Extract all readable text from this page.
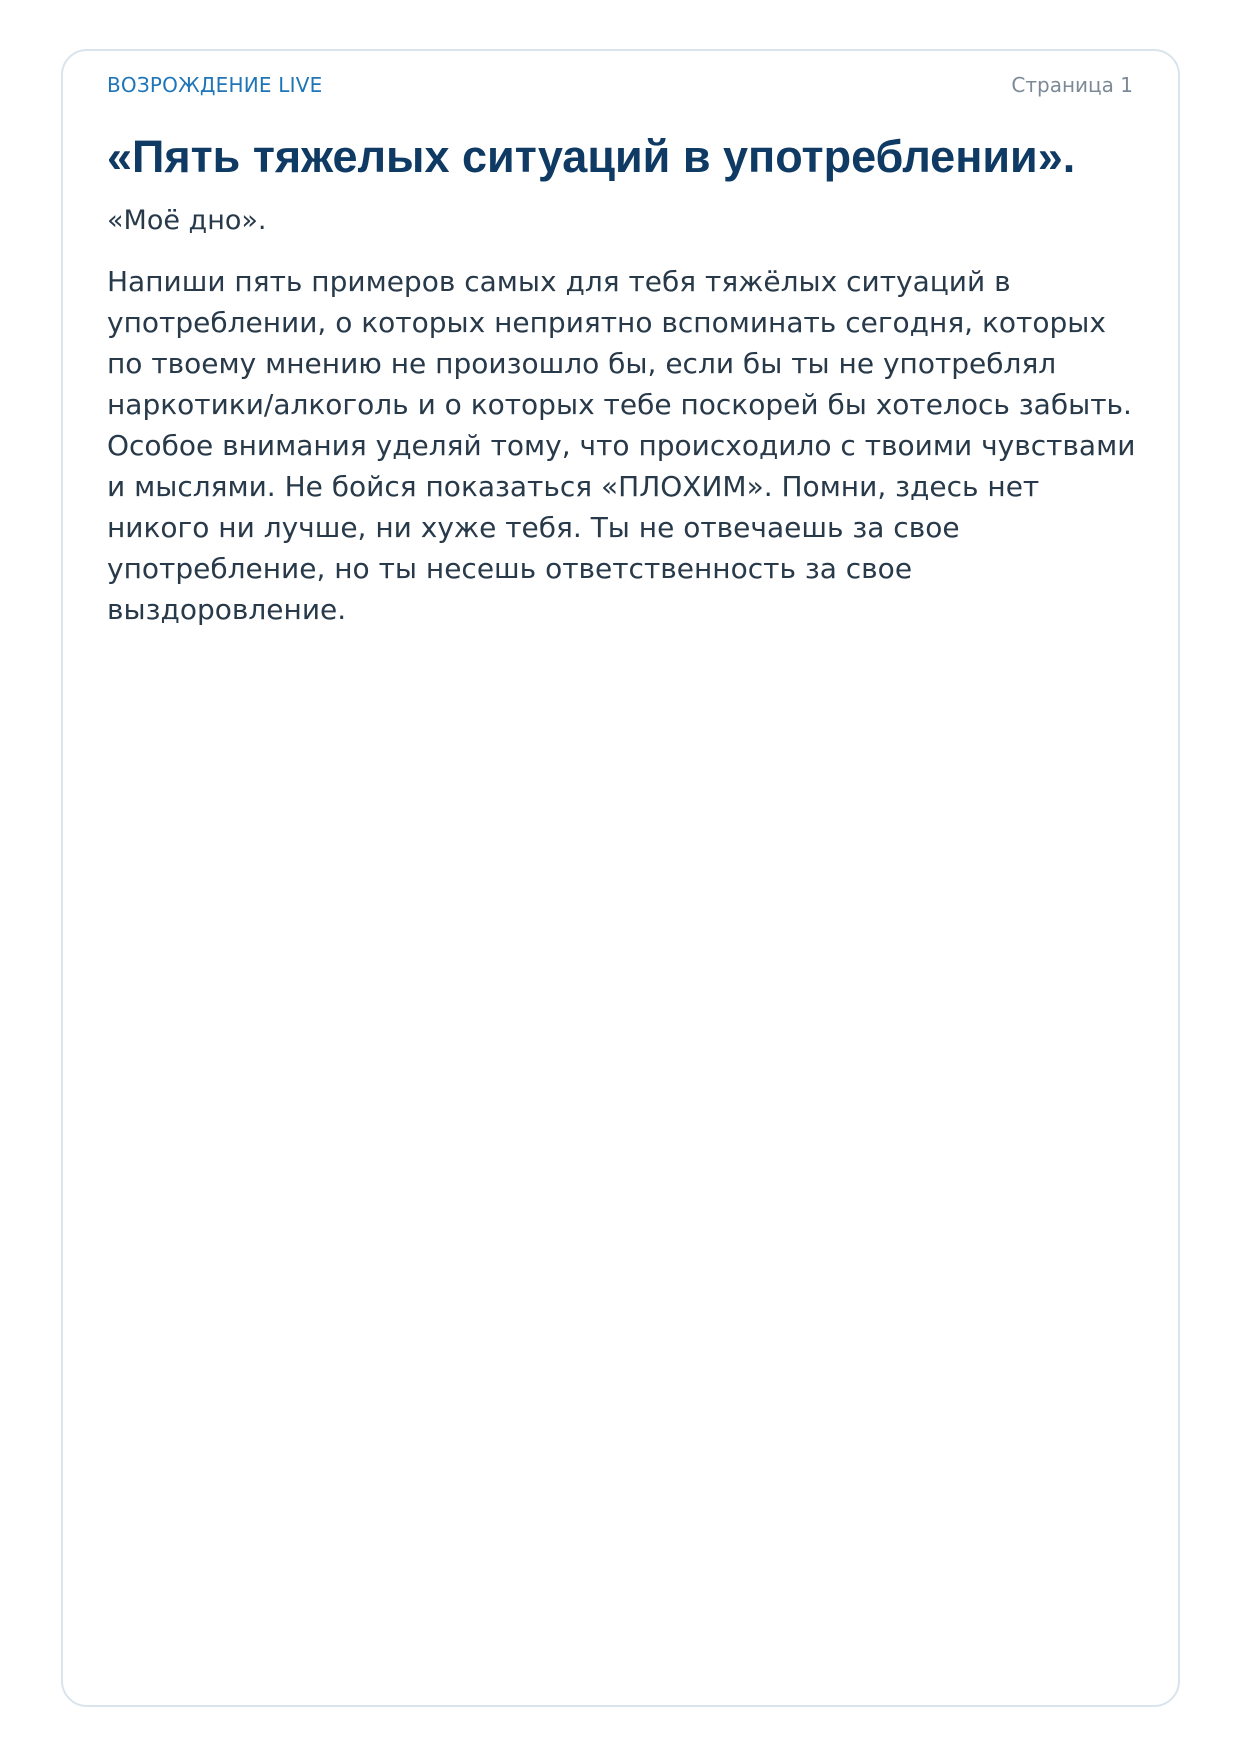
ВОЗРОЖДЕНИЕ LIVE	Страница 1
«Пять тяжелых ситуаций в употреблении».

«Моё дно».

Напиши пять примеров самых для тебя тяжёлых ситуаций в употреблении, о которых неприятно вспоминать сегодня, которых по твоему мнению не произошло бы, если бы ты не употреблял наркотики/алкоголь и о которых тебе поскорей бы хотелось забыть. Особое внимания уделяй тому, что происходило с твоими чувствами и мыслями. Не бойся показаться «ПЛОХИМ». Помни, здесь нет никого ни лучше, ни хуже тебя. Ты не отвечаешь за свое употребление, но ты несешь ответственность за свое выздоровление.
